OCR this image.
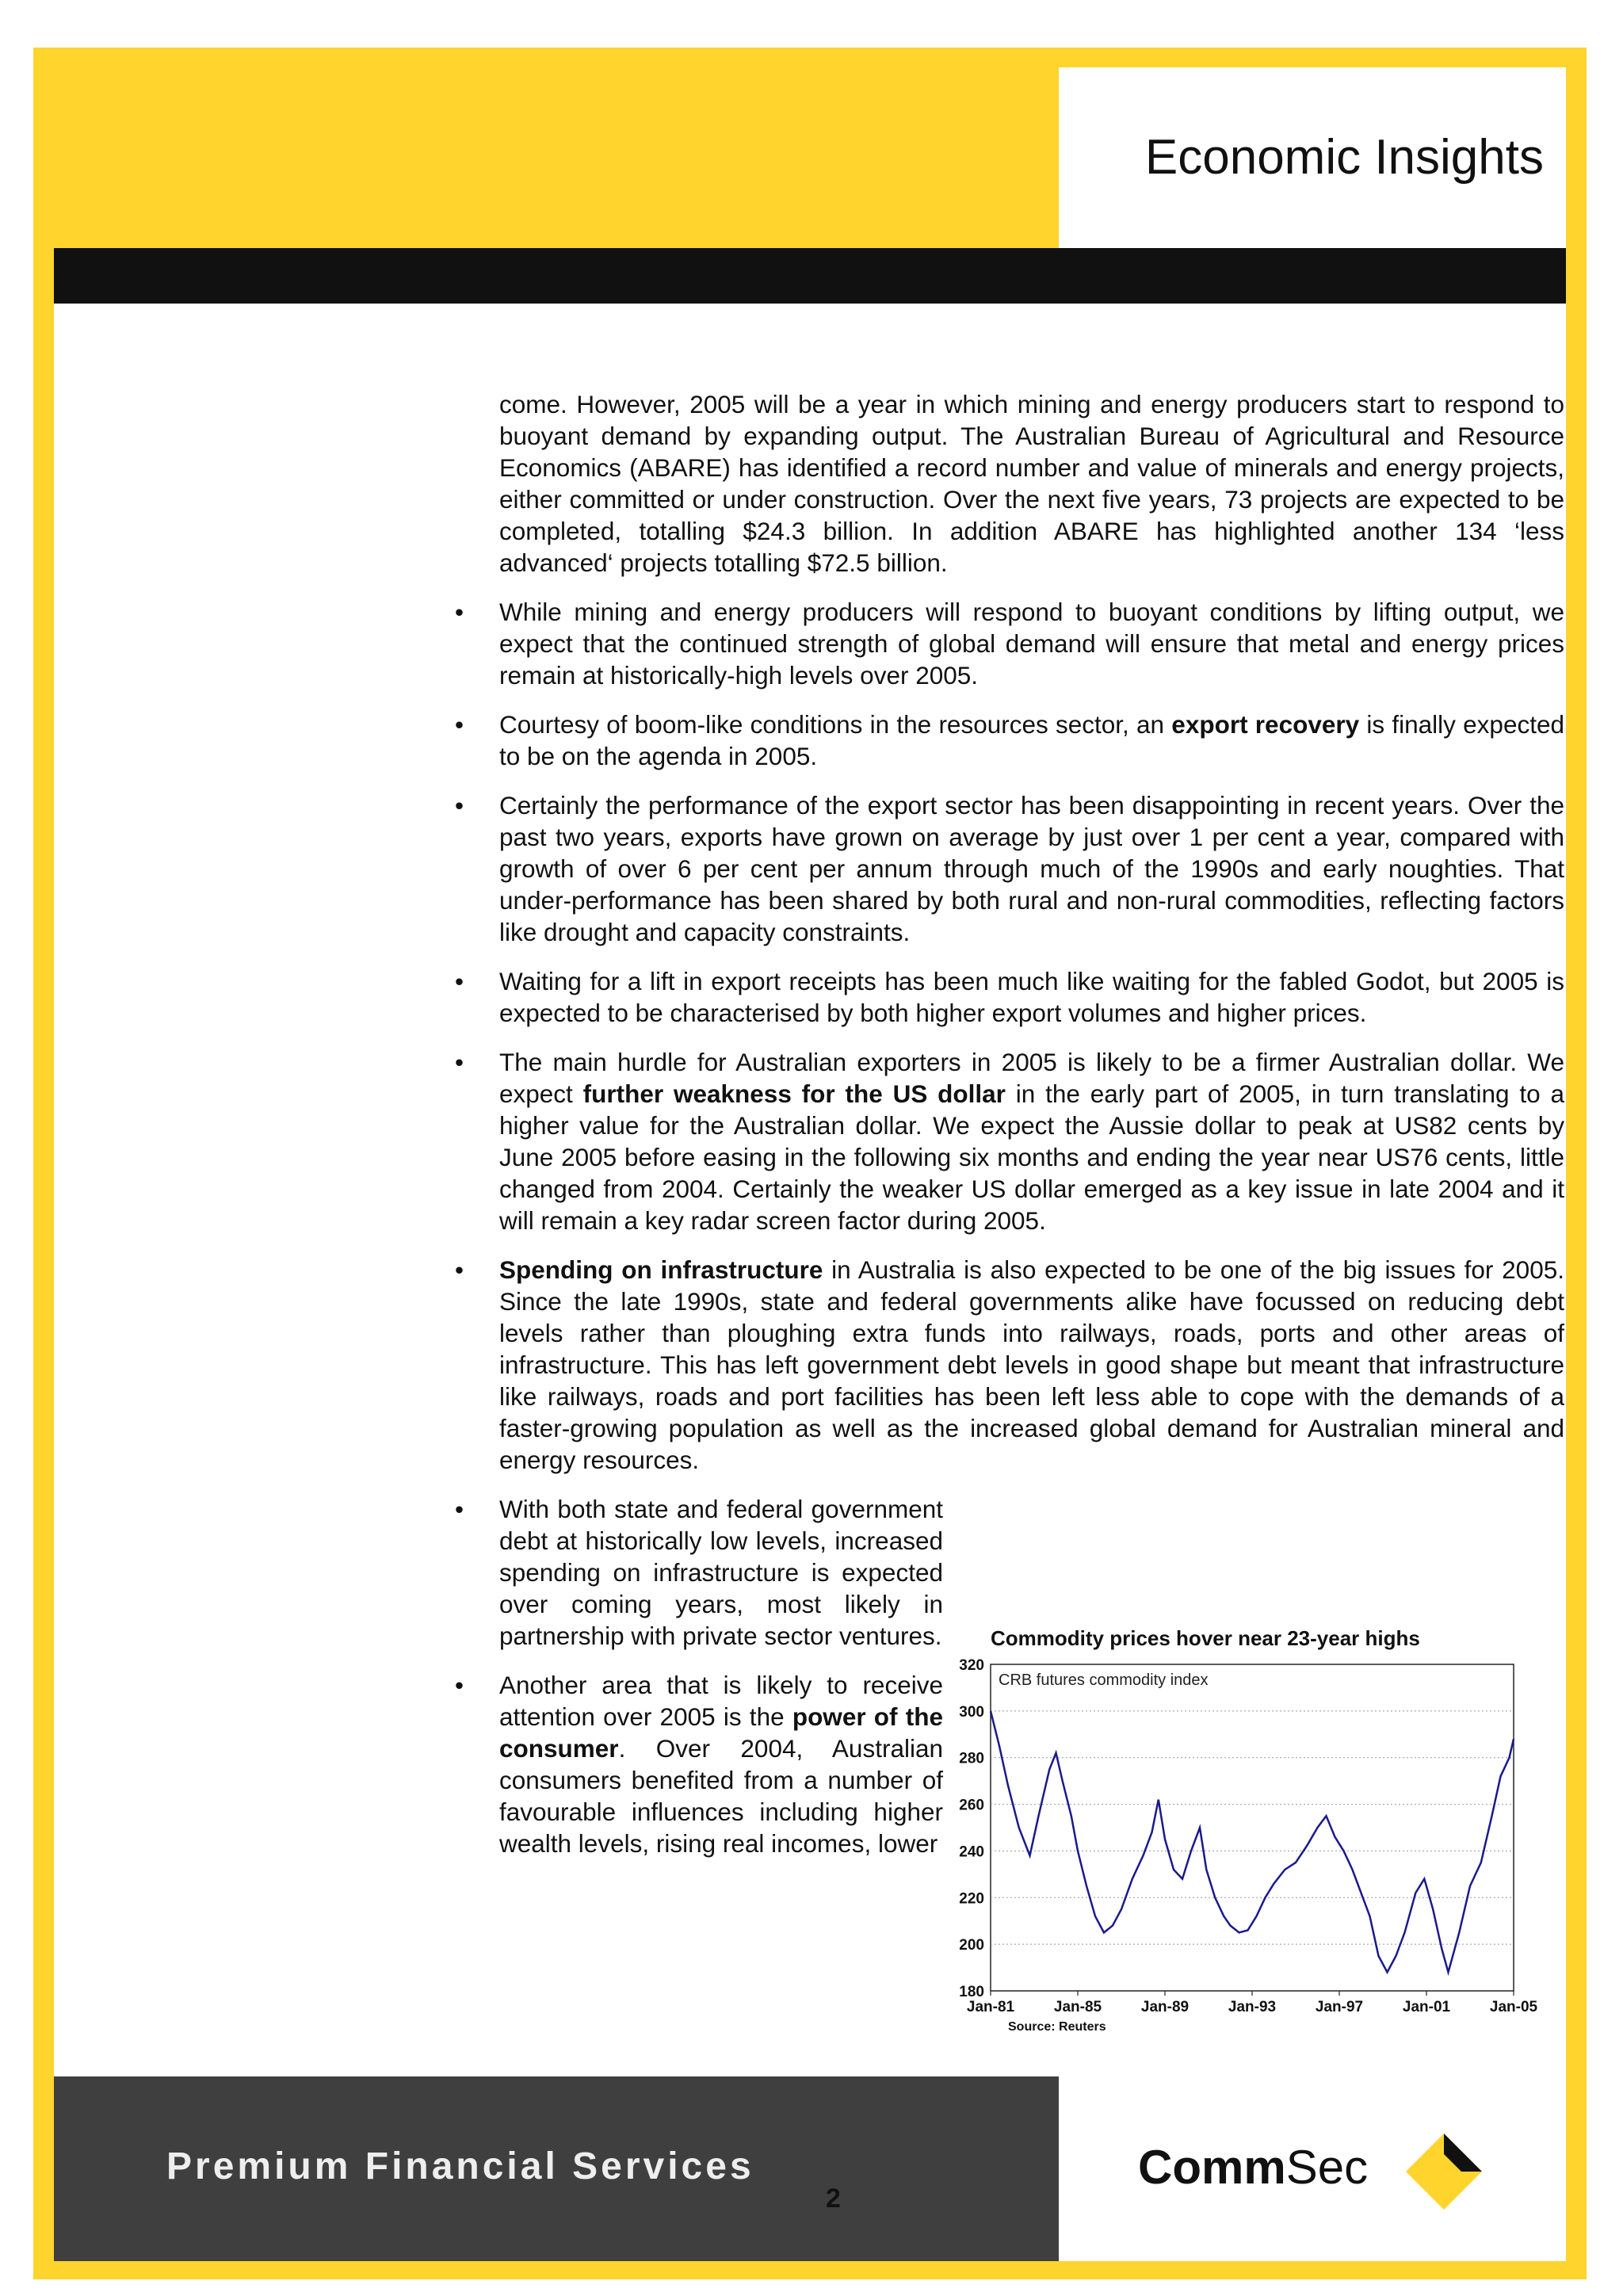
Economic Insights

come. However, 2005 will be a year in which mining and energy producers start to respond to buoyant demand by expanding output. The Australian Bureau of Agricultural and Resource Economics (ABARE) has identified a record number and value of minerals and energy projects, either committed or under construction. Over the next five years, 73 projects are expected to be completed, totalling $24.3 billion. In addition ABARE has highlighted another 134 ‘less advanced‘ projects totalling $72.5 billion.

• While mining and energy producers will respond to buoyant conditions by lifting output, we expect that the continued strength of global demand will ensure that metal and energy prices remain at historically-high levels over 2005.
• Courtesy of boom-like conditions in the resources sector, an export recovery is finally expected to be on the agenda in 2005.
• Certainly the performance of the export sector has been disappointing in recent years. Over the past two years, exports have grown on average by just over 1 per cent a year, compared with growth of over 6 per cent per annum through much of the 1990s and early noughties. That under-performance has been shared by both rural and non-rural commodities, reflecting factors like drought and capacity constraints.
• Waiting for a lift in export receipts has been much like waiting for the fabled Godot, but 2005 is expected to be characterised by both higher export volumes and higher prices.
• The main hurdle for Australian exporters in 2005 is likely to be a firmer Australian dollar. We expect further weakness for the US dollar in the early part of 2005, in turn translating to a higher value for the Australian dollar. We expect the Aussie dollar to peak at US82 cents by June 2005 before easing in the following six months and ending the year near US76 cents, little changed from 2004. Certainly the weaker US dollar emerged as a key issue in late 2004 and it will remain a key radar screen factor during 2005.
• Spending on infrastructure in Australia is also expected to be one of the big issues for 2005. Since the late 1990s, state and federal governments alike have focussed on reducing debt levels rather than ploughing extra funds into railways, roads, ports and other areas of infrastructure. This has left government debt levels in good shape but meant that infrastructure like railways, roads and port facilities has been left less able to cope with the demands of a faster-growing population as well as the increased global demand for Australian mineral and energy resources.
• With both state and federal government debt at historically low levels, increased spending on infrastructure is expected over coming years, most likely in partnership with private sector ventures.
• Another area that is likely to receive attention over 2005 is the power of the consumer. Over 2004, Australian consumers benefited from a number of favourable influences including higher wealth levels, rising real incomes, lower
Commodity prices hover near 23-year highs
180
200
220
240
260
280
300
320
Jan-81	Jan-85	Jan-89	Jan-93	Jan-97	Jan-01	Jan-05
CRB futures commodity index
Source: Reuters
Premium Financial Services
2
CommSec
